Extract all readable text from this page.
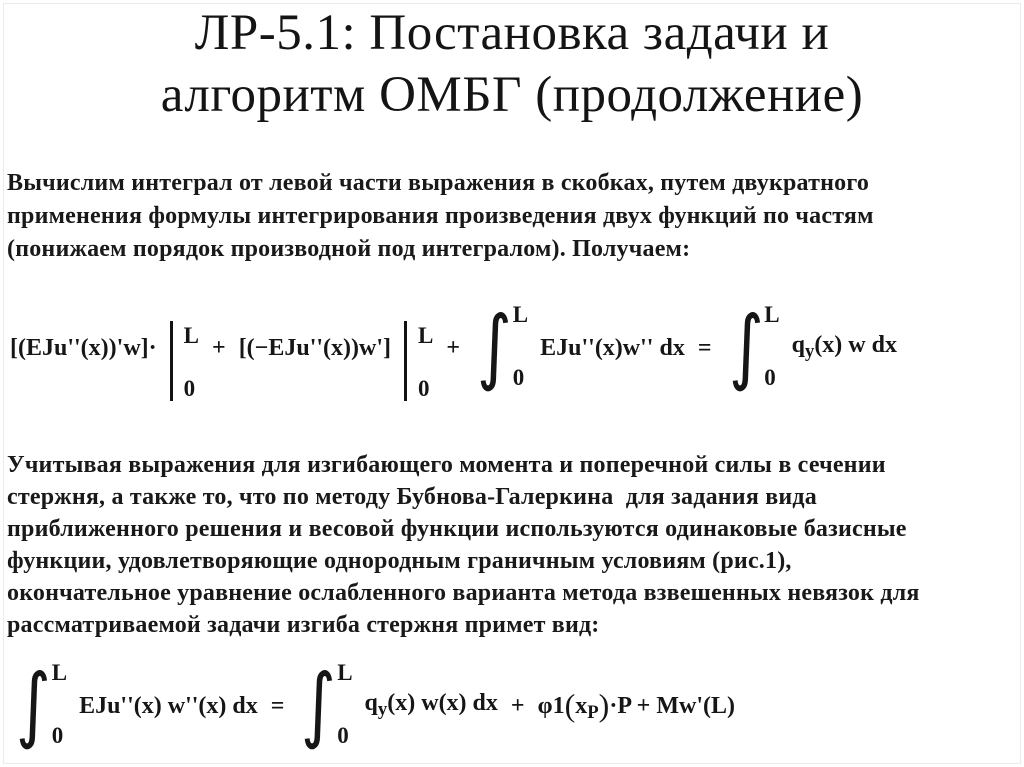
ЛР-5.1: Постановка задачи и
алгоритм ОМБГ (продолжение)
Вычислим интеграл от левой части выражения в скобках, путем двукратного
применения формулы интегрирования произведения двух функций по частям
(понижаем порядок производной под интегралом). Получаем:
[(EJu''(x))'w]· L
0
+ [(−EJu''(x))w'] L
0
+ ∫ L
0
EJu''(x)w'' dx = ∫ L
0
$q_y(x)$ w dx
Учитывая выражения для изгибающего момента и поперечной силы в сечении
стержня, а также то, что по методу Бубнова-Галеркина  для задания вида
приближенного решения и весовой функции используются одинаковые базисные
функции, удовлетворяющие однородным граничным условиям (рис.1),
окончательное уравнение ослабленного варианта метода взвешенных невязок для
рассматриваемой задачи изгиба стержня примет вид:
∫ L
0
EJu''(x) w''(x) dx = ∫ L
0
$q_y(x)$ w(x) dx + $\varphi 1(x_P)\cdot P + Mw'(L)$
